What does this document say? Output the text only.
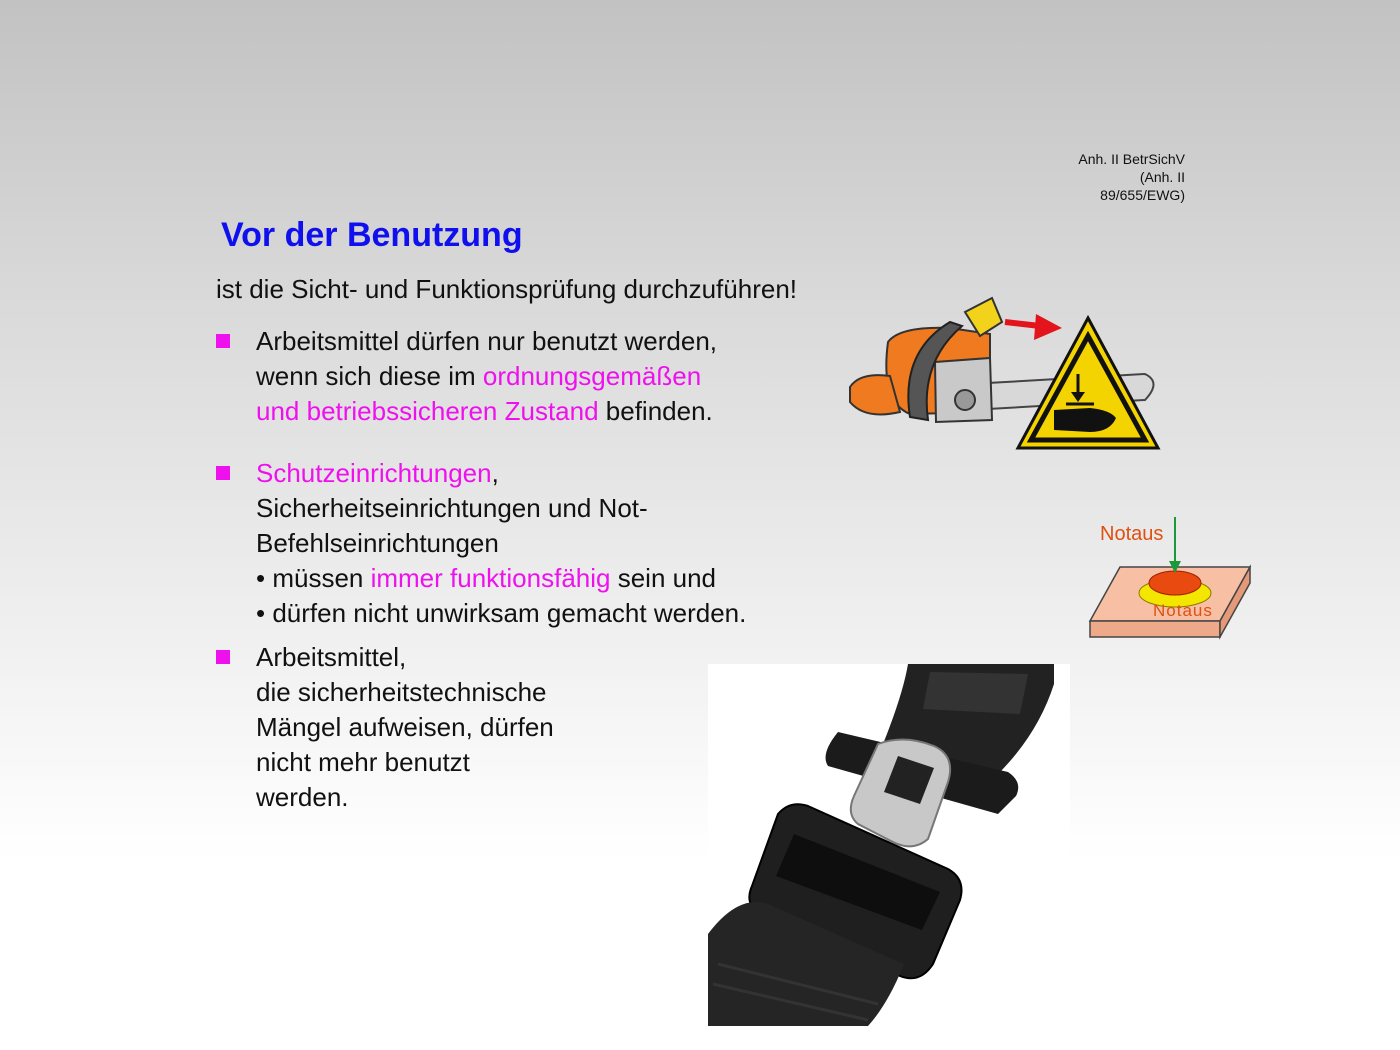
Anh. II BetrSichV
(Anh. II
89/655/EWG)
Vor der Benutzung
ist die Sicht- und Funktionsprüfung durchzuführen!
Arbeitsmittel dürfen nur benutzt werden,
wenn sich diese im ordnungsgemäßen
und betriebssicheren Zustand befinden.
Schutzeinrichtungen,
Sicherheitseinrichtungen und Not-
Befehlseinrichtungen
• müssen immer funktionsfähig sein und
• dürfen nicht unwirksam gemacht werden.
Arbeitsmittel,
die sicherheitstechnische
Mängel aufweisen, dürfen
nicht mehr benutzt
werden.
Notaus
Notaus
